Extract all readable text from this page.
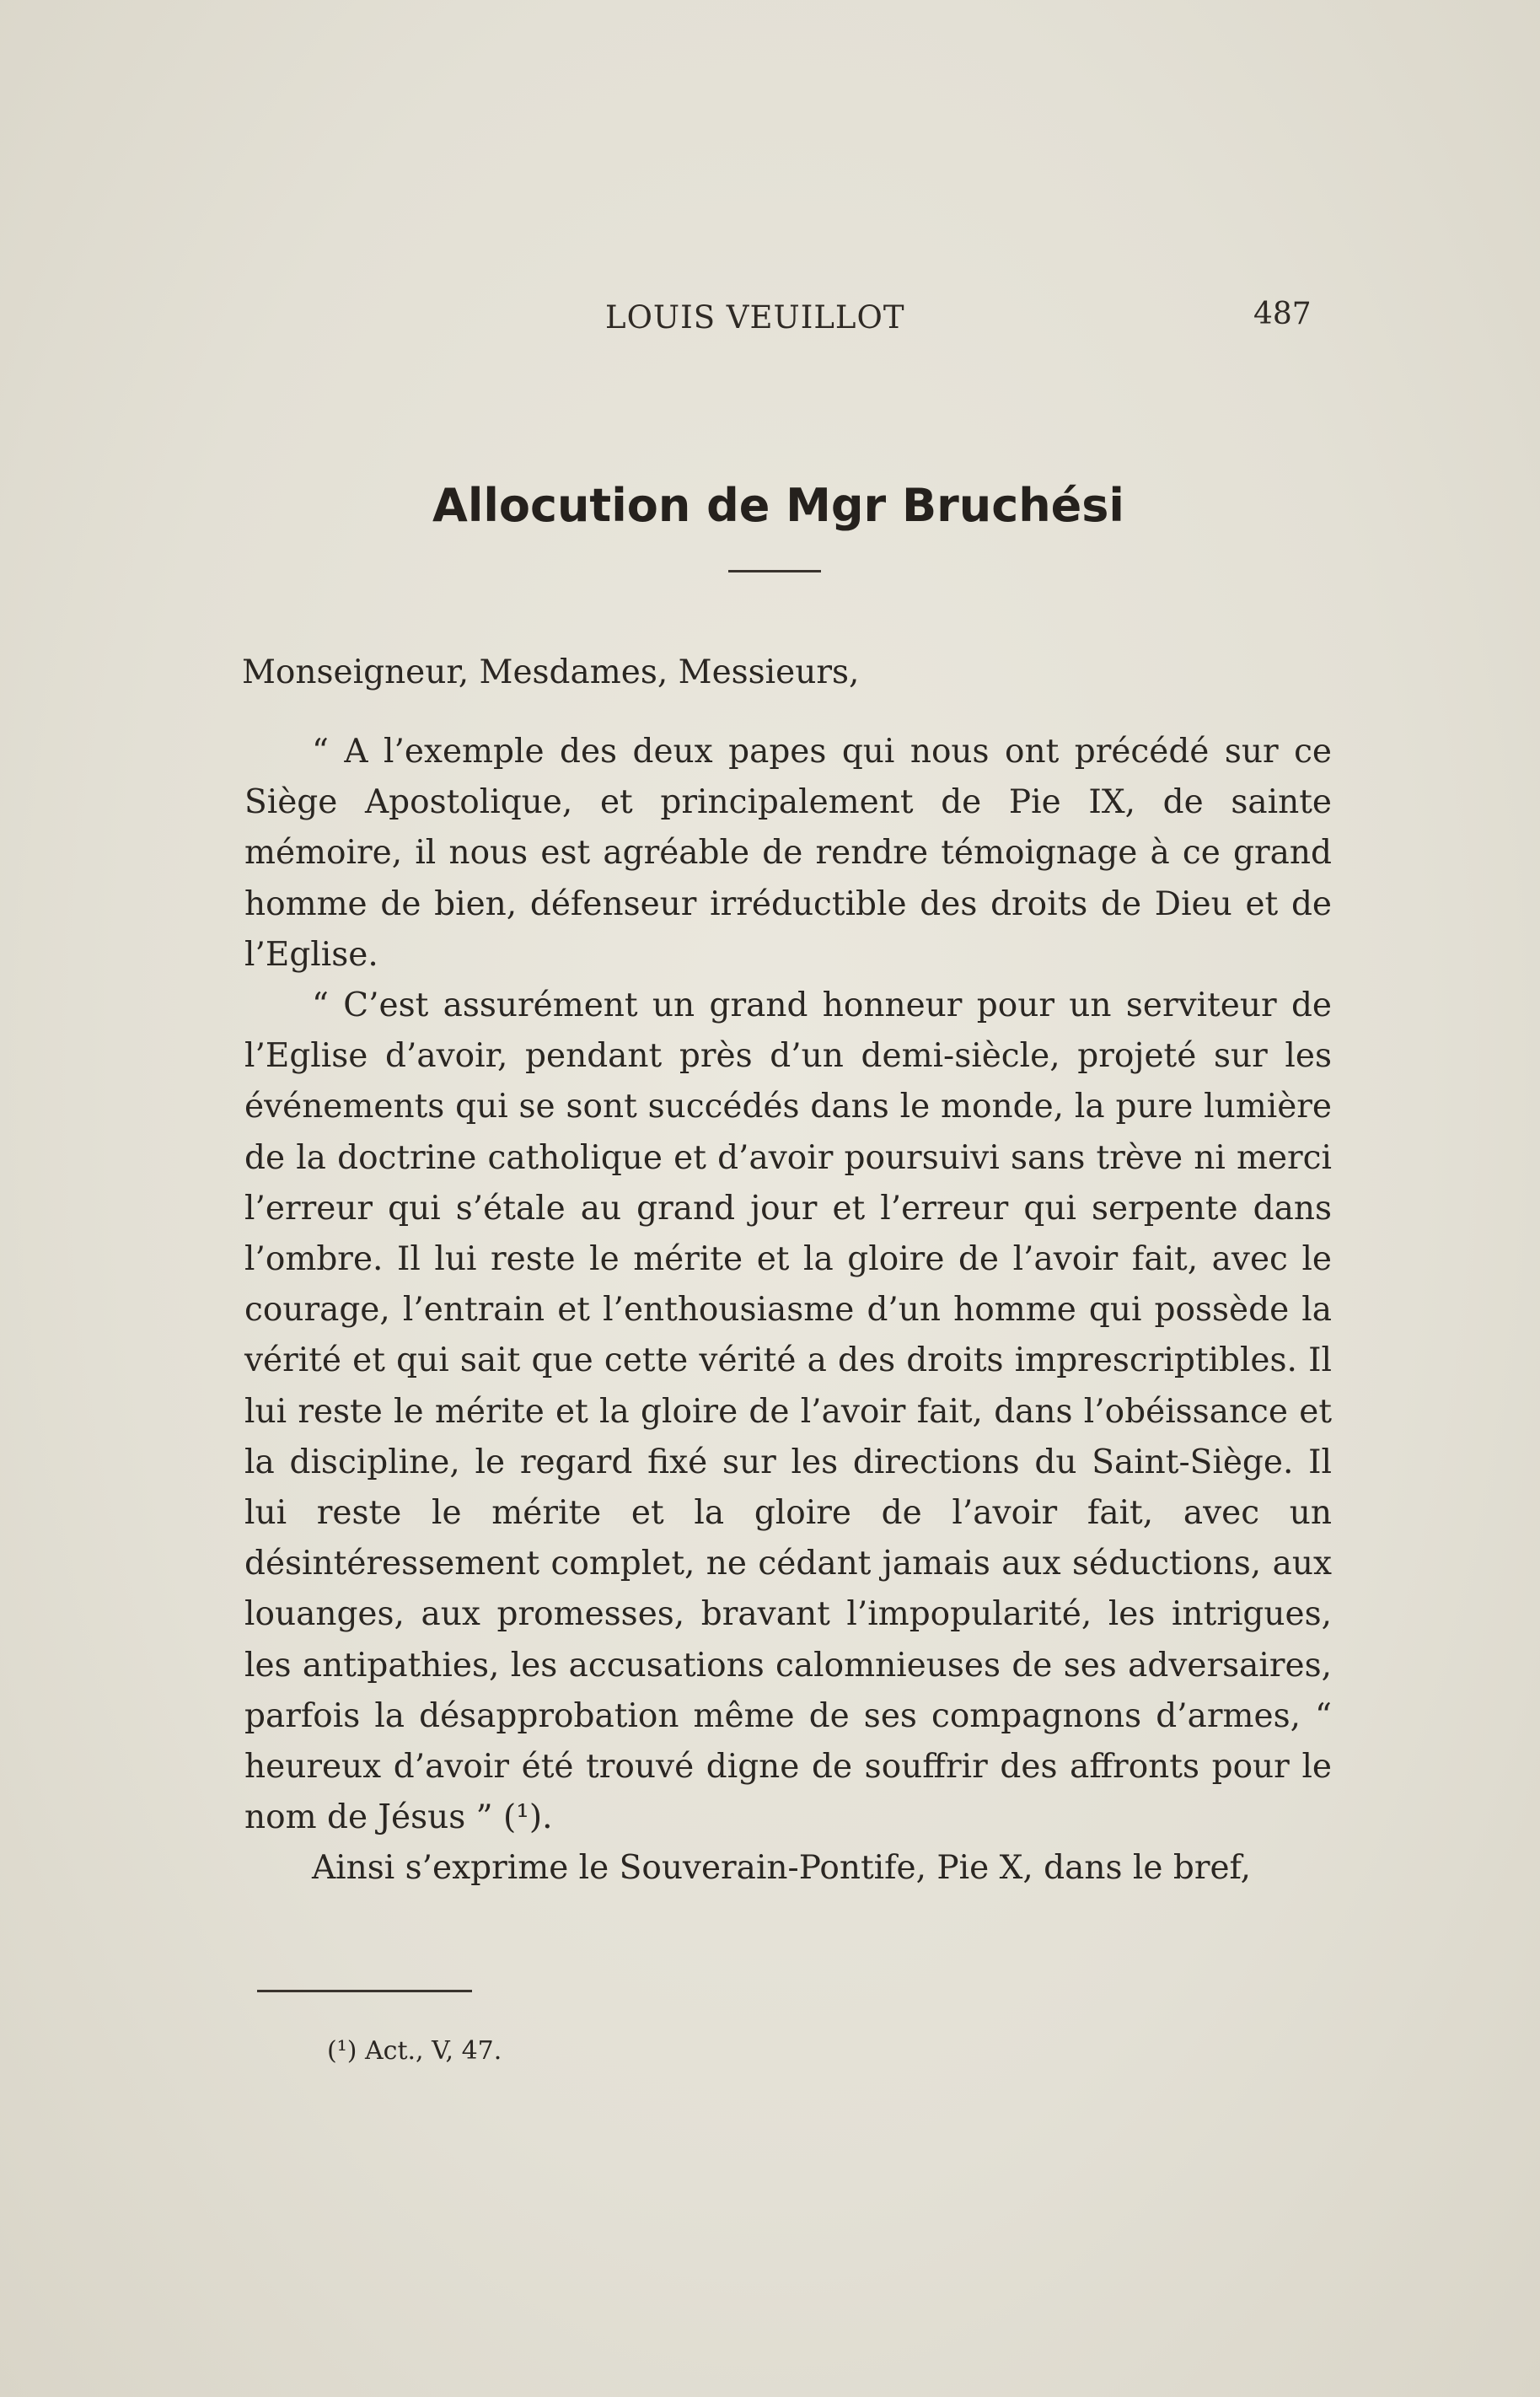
LOUIS VEUILLOT	487
Allocution de Mgr Bruchési
Monseigneur, Mesdames, Messieurs,

“ A l’exemple des deux papes qui nous ont précédé sur ce Siège Apostolique, et principalement de Pie IX, de sainte mémoire, il nous est agréable de rendre témoignage à ce grand homme de bien, défenseur irréductible des droits de Dieu et de l’Eglise.

“ C’est assurément un grand honneur pour un serviteur de l’Eglise d’avoir, pendant près d’un demi-siècle, projeté sur les événements qui se sont succédés dans le monde, la pure lumière de la doctrine catholique et d’avoir poursuivi sans trève ni merci l’erreur qui s’étale au grand jour et l’erreur qui serpente dans l’ombre. Il lui reste le mérite et la gloire de l’avoir fait, avec le courage, l’entrain et l’enthousiasme d’un homme qui possède la vérité et qui sait que cette vérité a des droits imprescriptibles. Il lui reste le mérite et la gloire de l’avoir fait, dans l’obéissance et la discipline, le regard fixé sur les directions du Saint-Siège. Il lui reste le mérite et la gloire de l’avoir fait, avec un désintéressement complet, ne cédant jamais aux séductions, aux louanges, aux promesses, bravant l’impopularité, les intrigues, les antipathies, les accusations calomnieuses de ses adversaires, parfois la désapprobation même de ses compagnons d’armes, “ heureux d’avoir été trouvé digne de souffrir des affronts pour le nom de Jésus ” (¹).

Ainsi s’exprime le Souverain-Pontife, Pie X, dans le bref,

(¹) Act., V, 47.
